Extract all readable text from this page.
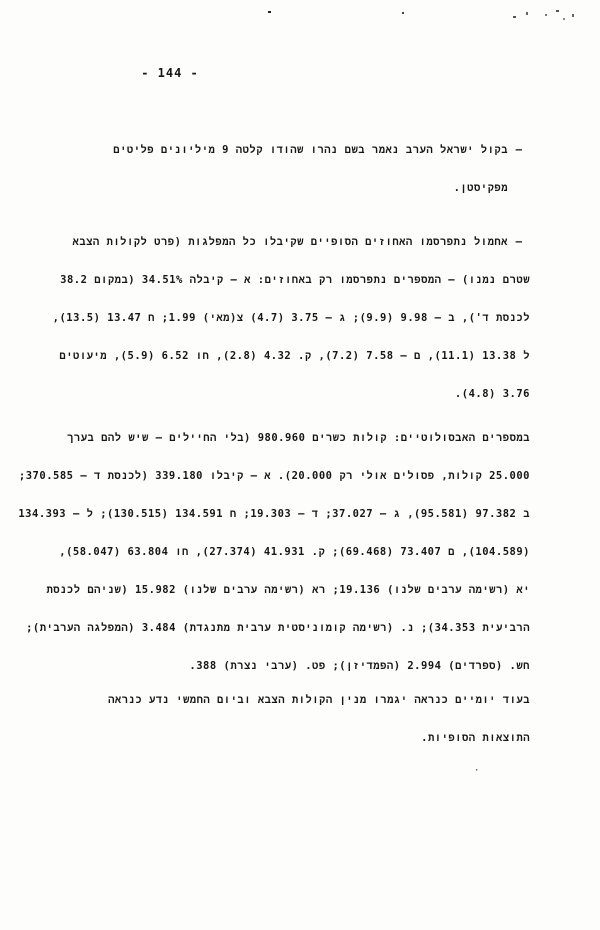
- 144 -
–בקול ישראל הערב נאמר בשם נהרו שהודו קלטה 9 מיליונים פליטים
מפקיסטן.
–אחמול נתפרסמו האחוזים הסופיים שקיבלו כל המפלגות (פרט לקולות הצבא
שטרם נמנו) – המספרים נתפרסמו רק באחוזים: א – קיבלה 34.51% (במקום 38.2
לכנסת ד'), ב – 9.98 (9.9); ג – 3.75 (4.7) צ(מאי) 1.99; ח 13.47 (13.5),
ל 13.38 (11.1), ם – 7.58 (7.2), ק. 4.32 (2.8), חו 6.52 (5.9), מיעוטים
3.76 (4.8).
במספרים האבסולוטיים: קולות כשרים 980.960 (בלי החיילים – שיש להם בערך
25.000 קולות, פסולים אולי רק 20.000). א – קיבלו 339.180 (לכנסת ד – 370.585;
ב 97.382 (95.581), ג – 37.027; ד – 19.303; ח 134.591 (130.515); ל – 134.393
(104.589), ם 73.407 (69.468); ק. 41.931 (27.374), חו 63.804 (58.047),
יא (רשימה ערבים שלנו) 19.136; רא (רשימה ערבים שלנו) 15.982 (שניהם לכנסת
הרביעית 34.353); נ. (רשימה קומוניסטית ערבית מתנגדת) 3.484 (המפלגה הערבית);
חש. (ספרדים) 2.994 (הפמדיזן); פט. (ערבי נצרת) 388.
בעוד יומיים כנראה יגמרו מנין הקולות הצבא וביום החמשי נדע כנראה
התוצאות הסופיות.
·
